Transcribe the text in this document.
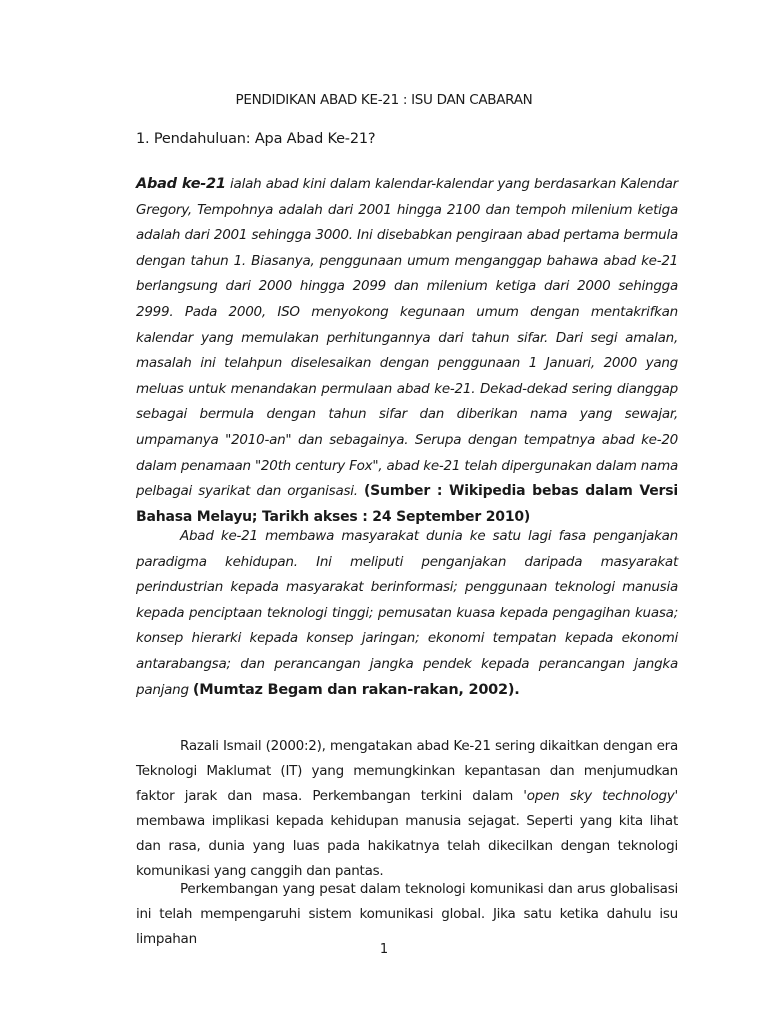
PENDIDIKAN ABAD KE-21 : ISU DAN CABARAN
1. Pendahuluan: Apa Abad Ke-21?

Abad ke-21 ialah abad kini dalam kalendar-kalendar yang berdasarkan Kalendar Gregory, Tempohnya adalah dari 2001 hingga 2100 dan tempoh milenium ketiga adalah dari 2001 sehingga 3000. Ini disebabkan pengiraan abad pertama bermula dengan tahun 1. Biasanya, penggunaan umum menganggap bahawa abad ke-21 berlangsung dari 2000 hingga 2099 dan milenium ketiga dari 2000 sehingga 2999. Pada 2000, ISO menyokong kegunaan umum dengan mentakrifkan kalendar yang memulakan perhitungannya dari tahun sifar. Dari segi amalan, masalah ini telahpun diselesaikan dengan penggunaan 1 Januari, 2000 yang meluas untuk menandakan permulaan abad ke-21. Dekad-dekad sering dianggap sebagai bermula dengan tahun sifar dan diberikan nama yang sewajar, umpamanya "2010-an" dan sebagainya. Serupa dengan tempatnya abad ke-20 dalam penamaan "20th century Fox", abad ke-21 telah dipergunakan dalam nama pelbagai syarikat dan organisasi. (Sumber : Wikipedia bebas dalam Versi Bahasa Melayu; Tarikh akses : 24 September 2010)

Abad ke-21 membawa masyarakat dunia ke satu lagi fasa penganjakan paradigma kehidupan. Ini meliputi penganjakan daripada masyarakat perindustrian kepada masyarakat berinformasi; penggunaan teknologi manusia kepada penciptaan teknologi tinggi; pemusatan kuasa kepada pengagihan kuasa; konsep hierarki kepada konsep jaringan; ekonomi tempatan kepada ekonomi antarabangsa; dan perancangan jangka pendek kepada perancangan jangka panjang (Mumtaz Begam dan rakan-rakan, 2002).

Razali Ismail (2000:2), mengatakan abad Ke-21 sering dikaitkan dengan era Teknologi Maklumat (IT) yang memungkinkan kepantasan dan menjumudkan faktor jarak dan masa. Perkembangan terkini dalam 'open sky technology' membawa implikasi kepada kehidupan manusia sejagat. Seperti yang kita lihat dan rasa, dunia yang luas pada hakikatnya telah dikecilkan dengan teknologi komunikasi yang canggih dan pantas.

Perkembangan yang pesat dalam teknologi komunikasi dan arus globalisasi ini telah mempengaruhi sistem komunikasi global. Jika satu ketika dahulu isu limpahan

1
